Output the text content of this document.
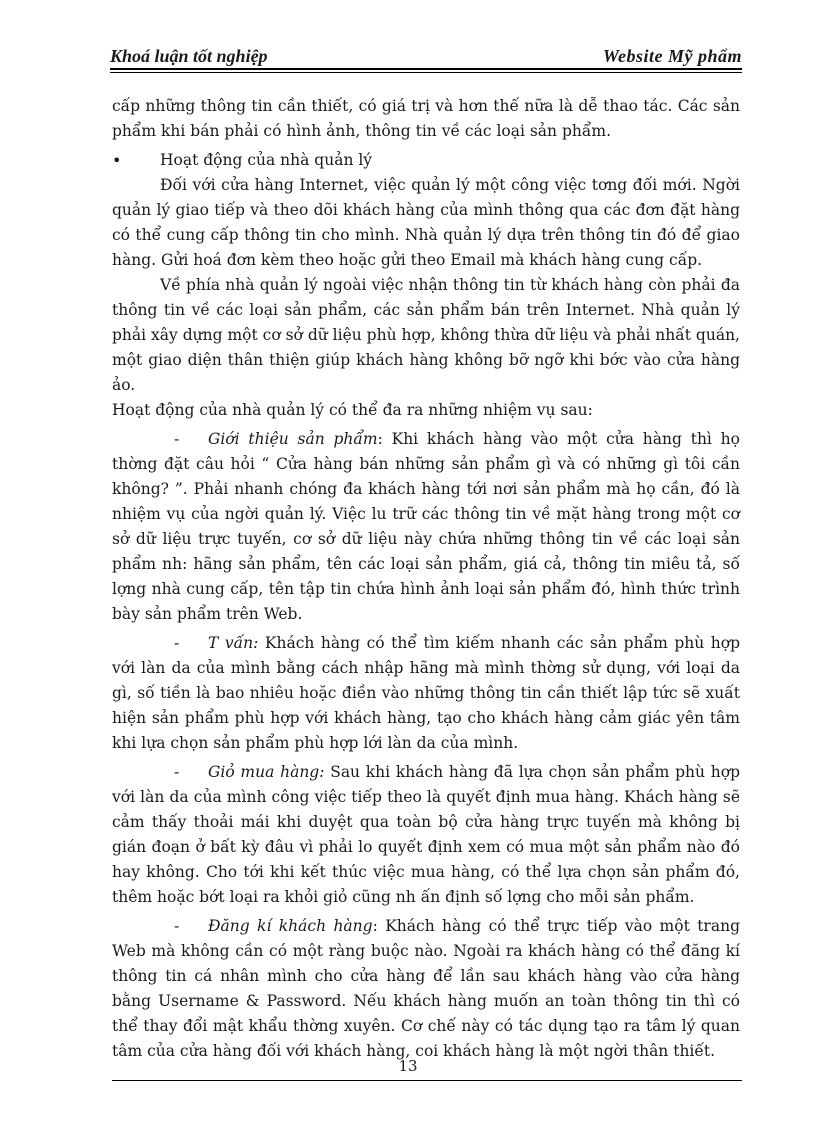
Khoá luận tốt nghiệp	Website Mỹ phẩm

cấp những thông tin cần thiết, có giá trị và hơn thế nữa là dễ thao tác. Các sản phẩm khi bán phải có hình ảnh, thông tin về các loại sản phẩm.

• Hoạt động của nhà quản lý

Đối với cửa hàng Internet, việc quản lý một công việc tơng đối mới. Ngời quản lý giao tiếp và theo dõi khách hàng của mình thông qua các đơn đặt hàng có thể cung cấp thông tin cho mình. Nhà quản lý dựa trên thông tin đó để giao hàng. Gửi hoá đơn kèm theo hoặc gửi theo Email mà khách hàng cung cấp.

Về phía nhà quản lý ngoài việc nhận thông tin từ khách hàng còn phải đa thông tin về các loại sản phẩm, các sản phẩm bán trên Internet. Nhà quản lý phải xây dựng một cơ sở dữ liệu phù hợp, không thừa dữ liệu và phải nhất quán, một giao diện thân thiện giúp khách hàng không bỡ ngỡ khi bớc vào cửa hàng ảo.

Hoạt động của nhà quản lý có thể đa ra những nhiệm vụ sau:

- Giới thiệu sản phẩm: Khi khách hàng vào một cửa hàng thì họ thờng đặt câu hỏi “ Cửa hàng bán những sản phẩm gì và có những gì tôi cần không? ”. Phải nhanh chóng đa khách hàng tới nơi sản phẩm mà họ cần, đó là nhiệm vụ của ngời quản lý. Việc lu trữ các thông tin về mặt hàng trong một cơ sở dữ liệu trực tuyến, cơ sở dữ liệu này chứa những thông tin về các loại sản phẩm nh: hãng sản phẩm, tên các loại sản phẩm, giá cả, thông tin miêu tả, số lợng nhà cung cấp, tên tập tin chứa hình ảnh loại sản phẩm đó, hình thức trình bày sản phẩm trên Web.

- T vấn: Khách hàng có thể tìm kiếm nhanh các sản phẩm phù hợp với làn da của mình bằng cách nhập hãng mà mình thờng sử dụng, với loại da gì, số tiền là bao nhiêu hoặc điền vào những thông tin cần thiết lập tức sẽ xuất hiện sản phẩm phù hợp với khách hàng, tạo cho khách hàng cảm giác yên tâm khi lựa chọn sản phẩm phù hợp lới làn da của mình.

- Giỏ mua hàng: Sau khi khách hàng đã lựa chọn sản phẩm phù hợp với làn da của mình công việc tiếp theo là quyết định mua hàng. Khách hàng sẽ cảm thấy thoải mái khi duyệt qua toàn bộ cửa hàng trực tuyến mà không bị gián đoạn ở bất kỳ đâu vì phải lo quyết định xem có mua một sản phẩm nào đó hay không. Cho tới khi kết thúc việc mua hàng, có thể lựa chọn sản phẩm đó, thêm hoặc bớt loại ra khỏi giỏ cũng nh ấn định số lợng cho mỗi sản phẩm.

- Đăng kí khách hàng: Khách hàng có thể trực tiếp vào một trang Web mà không cần có một ràng buộc nào. Ngoài ra khách hàng có thể đăng kí thông tin cá nhân mình cho cửa hàng để lần sau khách hàng vào cửa hàng bằng Username & Password. Nếu khách hàng muốn an toàn thông tin thì có thể thay đổi mật khẩu thờng xuyên. Cơ chế này có tác dụng tạo ra tâm lý quan tâm của cửa hàng đối với khách hàng, coi khách hàng là một ngời thân thiết.

13
